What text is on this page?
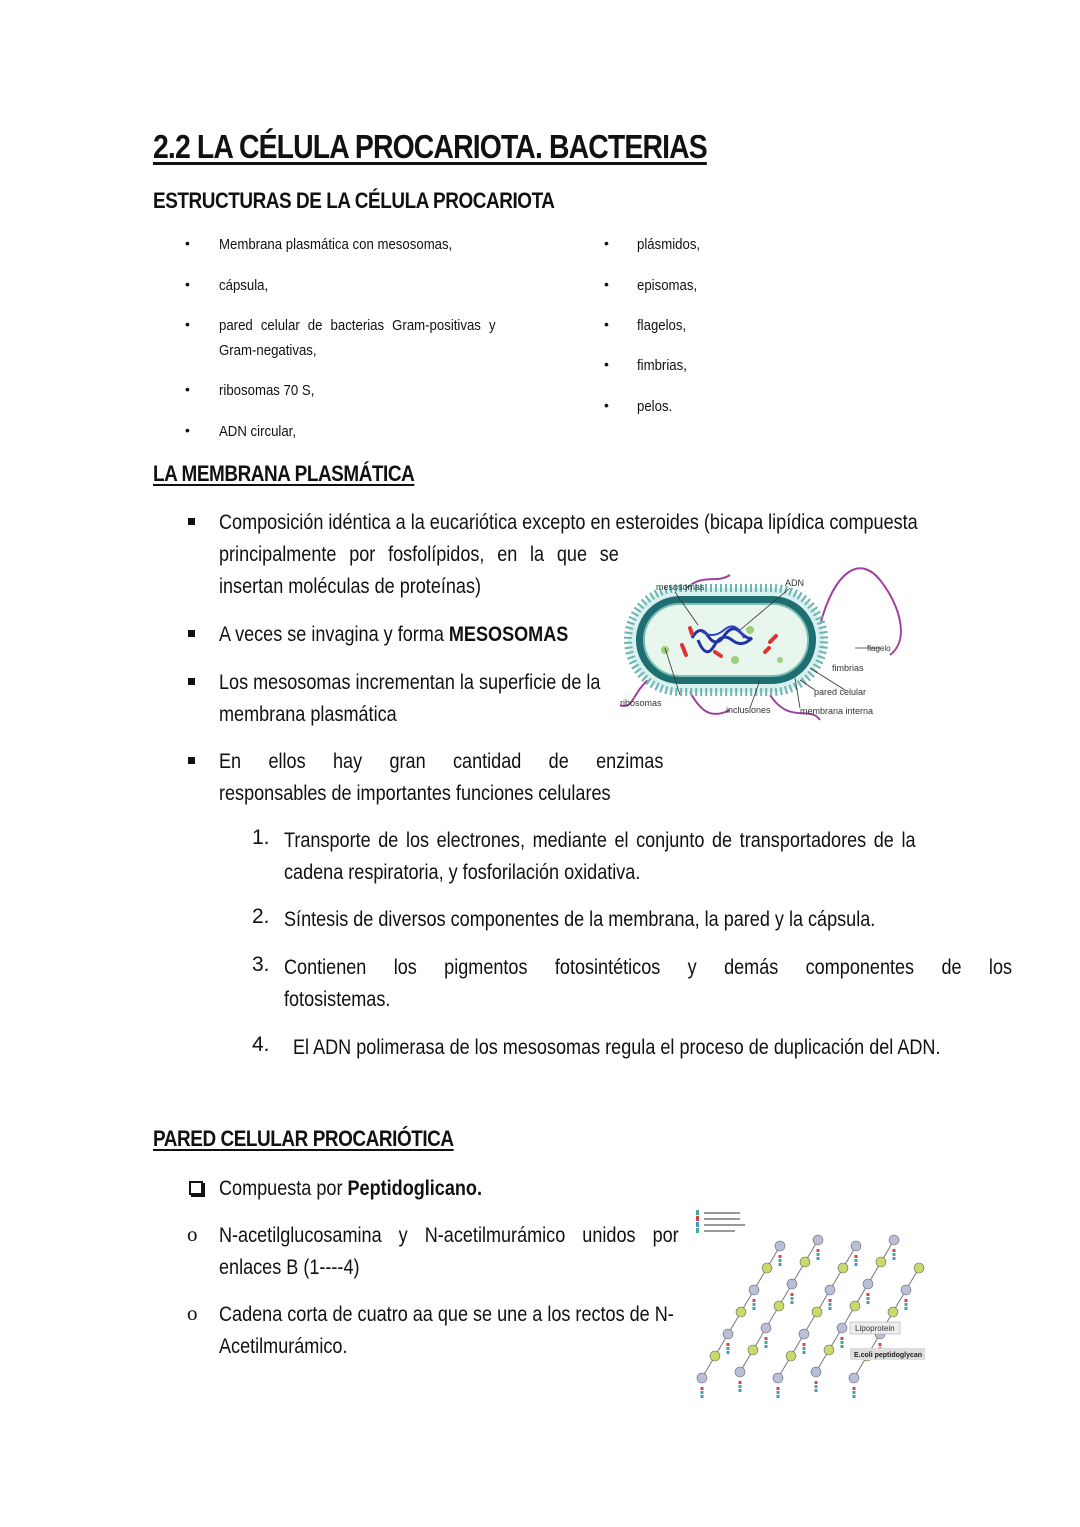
2.2 LA CÉLULA PROCARIOTA. BACTERIAS
ESTRUCTURAS DE LA CÉLULA PROCARIOTA
• Membrana plasmática con mesosomas,
• cápsula,
• pared celular de bacterias Gram-positivas y
Gram-negativas,
• ribosomas 70 S,
• ADN circular,
• plásmidos,
• episomas,
• flagelos,
• fimbrias,
• pelos.
LA MEMBRANA PLASMÁTICA
Composición idéntica a la eucariótica excepto en esteroides (bicapa lipídica compuesta
principalmente por fosfolípidos, en la que se
insertan moléculas de proteínas)
A veces se invagina y forma MESOSOMAS
Los mesosomas incrementan la superficie de la
membrana plasmática
En ellos hay gran cantidad de enzimas
responsables de importantes funciones celulares
mesosomas	ADN
flagelo
fimbrias
pared celular
ribosomas
inclusiones	membrana interna
1. Transporte de los electrones, mediante el conjunto de transportadores de la
cadena respiratoria, y fosforilación oxidativa.
2. Síntesis de diversos componentes de la membrana, la pared y la cápsula.
3. Contienen los pigmentos fotosintéticos y demás componentes de los
fotosistemas.
4. El ADN polimerasa de los mesosomas regula el proceso de duplicación del ADN.
PARED CELULAR PROCARIÓTICA
Compuesta por Peptidoglicano.
o N-acetilglucosamina y N-acetilmurámico unidos por
enlaces B (1----4)
o Cadena corta de cuatro aa que se une a los rectos de N-
Acetilmurámico.
Lipoprotein
E.coli peptidoglycan
